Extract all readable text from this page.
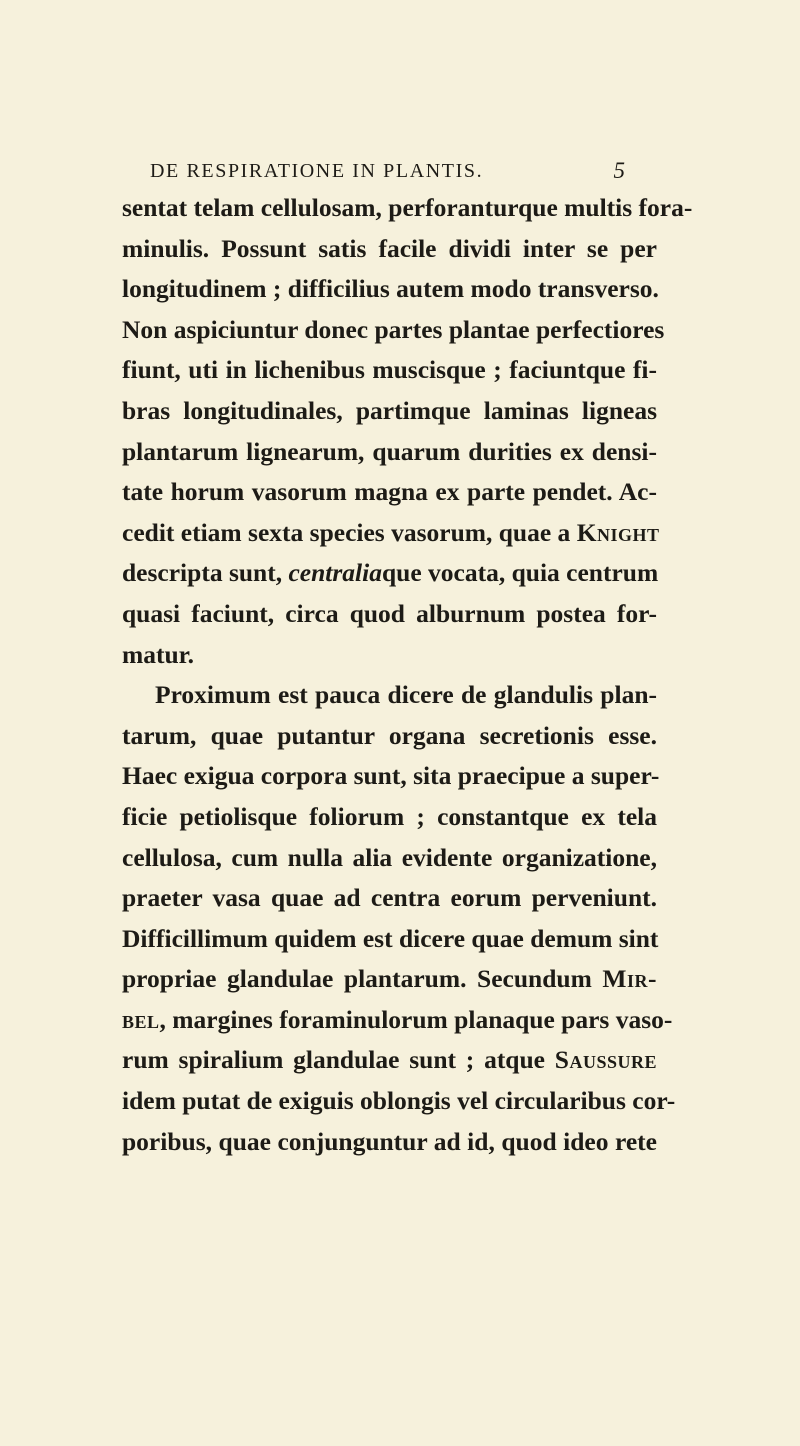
DE RESPIRATIONE IN PLANTIS.	5
sentat telam cellulosam, perforanturque multis fora-
minulis. Possunt satis facile dividi inter se per
longitudinem ; difficilius autem modo transverso.
Non aspiciuntur donec partes plantae perfectiores
fiunt, uti in lichenibus muscisque ; faciuntque fi-
bras longitudinales, partimque laminas ligneas
plantarum lignearum, quarum durities ex densi-
tate horum vasorum magna ex parte pendet. Ac-
cedit etiam sexta species vasorum, quae a Knight
descripta sunt, centraliaque vocata, quia centrum
quasi faciunt, circa quod alburnum postea for-
matur.
Proximum est pauca dicere de glandulis plan-
tarum, quae putantur organa secretionis esse.
Haec exigua corpora sunt, sita praecipue a super-
ficie petiolisque foliorum ; constantque ex tela
cellulosa, cum nulla alia evidente organizatione,
praeter vasa quae ad centra eorum perveniunt.
Difficillimum quidem est dicere quae demum sint
propriae glandulae plantarum. Secundum Mir-
bel, margines foraminulorum planaque pars vaso-
rum spiralium glandulae sunt ; atque Saussure
idem putat de exiguis oblongis vel circularibus cor-
poribus, quae conjunguntur ad id, quod ideo rete
